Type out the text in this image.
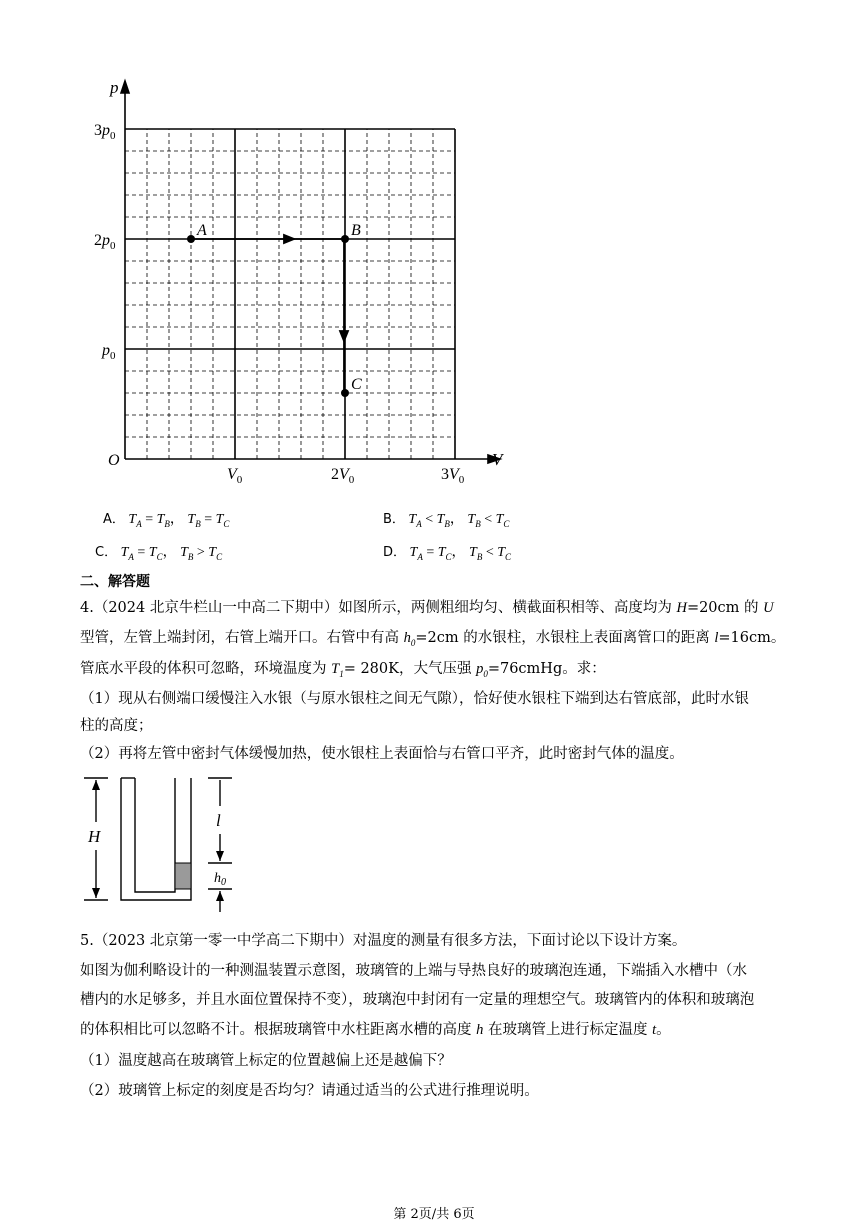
p
V
O
$3p_0$
$2p_0$
$p_0$
$V_0$	$2V_0$	$3V_0$
A	B
C
A． $T_A = T_B$， $T_B = T_C$	B． $T_A < T_B$， $T_B < T_C$
C． $T_A = T_C$， $T_B > T_C$	D． $T_A = T_C$， $T_B < T_C$
二、解答题
4.（2024 北京牛栏山一中高二下期中）如图所示，两侧粗细均匀、横截面积相等、高度均为 H=20cm 的 U
型管，左管上端封闭，右管上端开口。右管中有高 $h_0=2cm$ 的水银柱，水银柱上表面离管口的距离 l=16cm。
管底水平段的体积可忽略，环境温度为 $T_1= 280K$，大气压强 $p_0=76cmHg$。求：
（1）现从右侧端口缓慢注入水银（与原水银柱之间无气隙），恰好使水银柱下端到达右管底部，此时水银
柱的高度；
（2）再将左管中密封气体缓慢加热，使水银柱上表面恰与右管口平齐，此时密封气体的温度。
H
l
$h_0$
5.（2023 北京第一零一中学高二下期中）对温度的测量有很多方法，下面讨论以下设计方案。
如图为伽利略设计的一种测温装置示意图，玻璃管的上端与导热良好的玻璃泡连通，下端插入水槽中（水
槽内的水足够多，并且水面位置保持不变），玻璃泡中封闭有一定量的理想空气。玻璃管内的体积和玻璃泡
的体积相比可以忽略不计。根据玻璃管中水柱距离水槽的高度 h 在玻璃管上进行标定温度 t。
（1）温度越高在玻璃管上标定的位置越偏上还是越偏下？
（2）玻璃管上标定的刻度是否均匀？请通过适当的公式进行推理说明。
第 2页/共 6页
